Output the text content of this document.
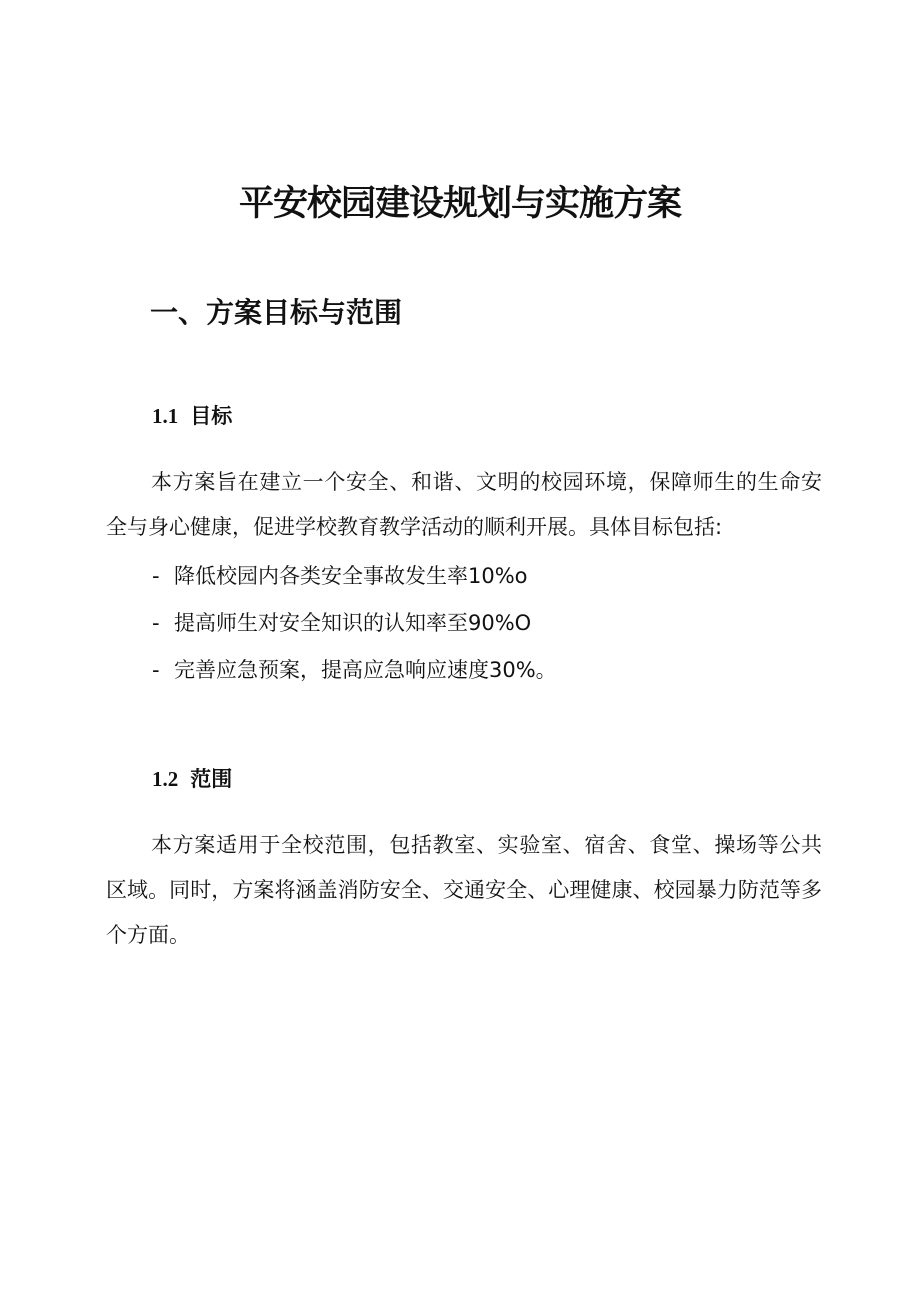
平安校园建设规划与实施方案
一、方案目标与范围
1.1 目标

本方案旨在建立一个安全、和谐、文明的校园环境，保障师生的生命安全与身心健康，促进学校教育教学活动的顺利开展。具体目标包括:

- 降低校园内各类安全事故发生率10%o
- 提高师生对安全知识的认知率至90%O
- 完善应急预案，提高应急响应速度30%。
1.2 范围

本方案适用于全校范围，包括教室、实验室、宿舍、食堂、操场等公共区域。同时，方案将涵盖消防安全、交通安全、心理健康、校园暴力防范等多个方面。
